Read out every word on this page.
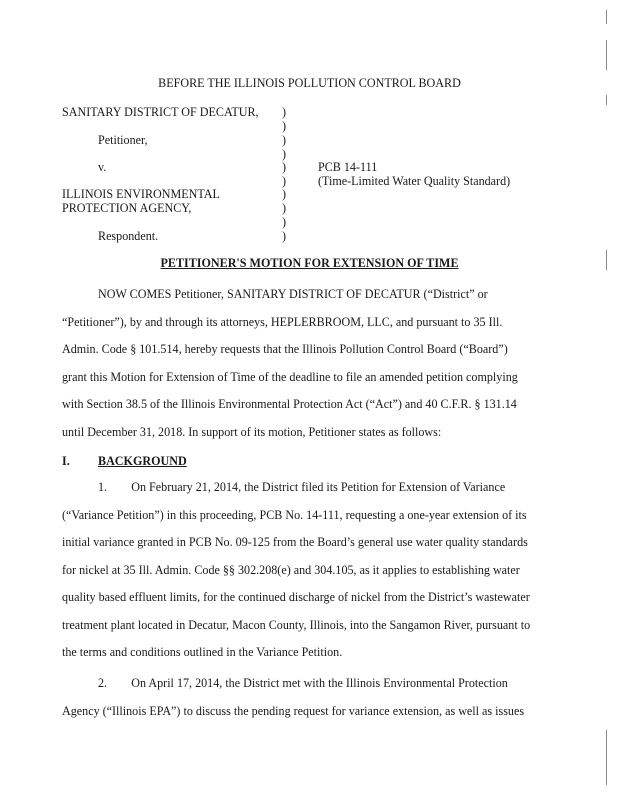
BEFORE THE ILLINOIS POLLUTION CONTROL BOARD
SANITARY DISTRICT OF DECATUR,
Petitioner,
v.
ILLINOIS ENVIRONMENTAL
PROTECTION AGENCY,
Respondent.
)
)
)
)
)
)
)
)
)
)
PCB 14-111
(Time-Limited Water Quality Standard)
PETITIONER'S MOTION FOR EXTENSION OF TIME
NOW COMES Petitioner, SANITARY DISTRICT OF DECATUR (“District” or
“Petitioner”), by and through its attorneys, HEPLERBROOM, LLC, and pursuant to 35 Ill.
Admin. Code § 101.514, hereby requests that the Illinois Pollution Control Board (“Board”)
grant this Motion for Extension of Time of the deadline to file an amended petition complying
with Section 38.5 of the Illinois Environmental Protection Act (“Act”) and 40 C.F.R. § 131.14
until December 31, 2018. In support of its motion, Petitioner states as follows:
I. BACKGROUND
1.        On February 21, 2014, the District filed its Petition for Extension of Variance
(“Variance Petition”) in this proceeding, PCB No. 14-111, requesting a one-year extension of its
initial variance granted in PCB No. 09-125 from the Board’s general use water quality standards
for nickel at 35 Ill. Admin. Code §§ 302.208(e) and 304.105, as it applies to establishing water
quality based effluent limits, for the continued discharge of nickel from the District’s wastewater
treatment plant located in Decatur, Macon County, Illinois, into the Sangamon River, pursuant to
the terms and conditions outlined in the Variance Petition.
2.        On April 17, 2014, the District met with the Illinois Environmental Protection
Agency (“Illinois EPA”) to discuss the pending request for variance extension, as well as issues
